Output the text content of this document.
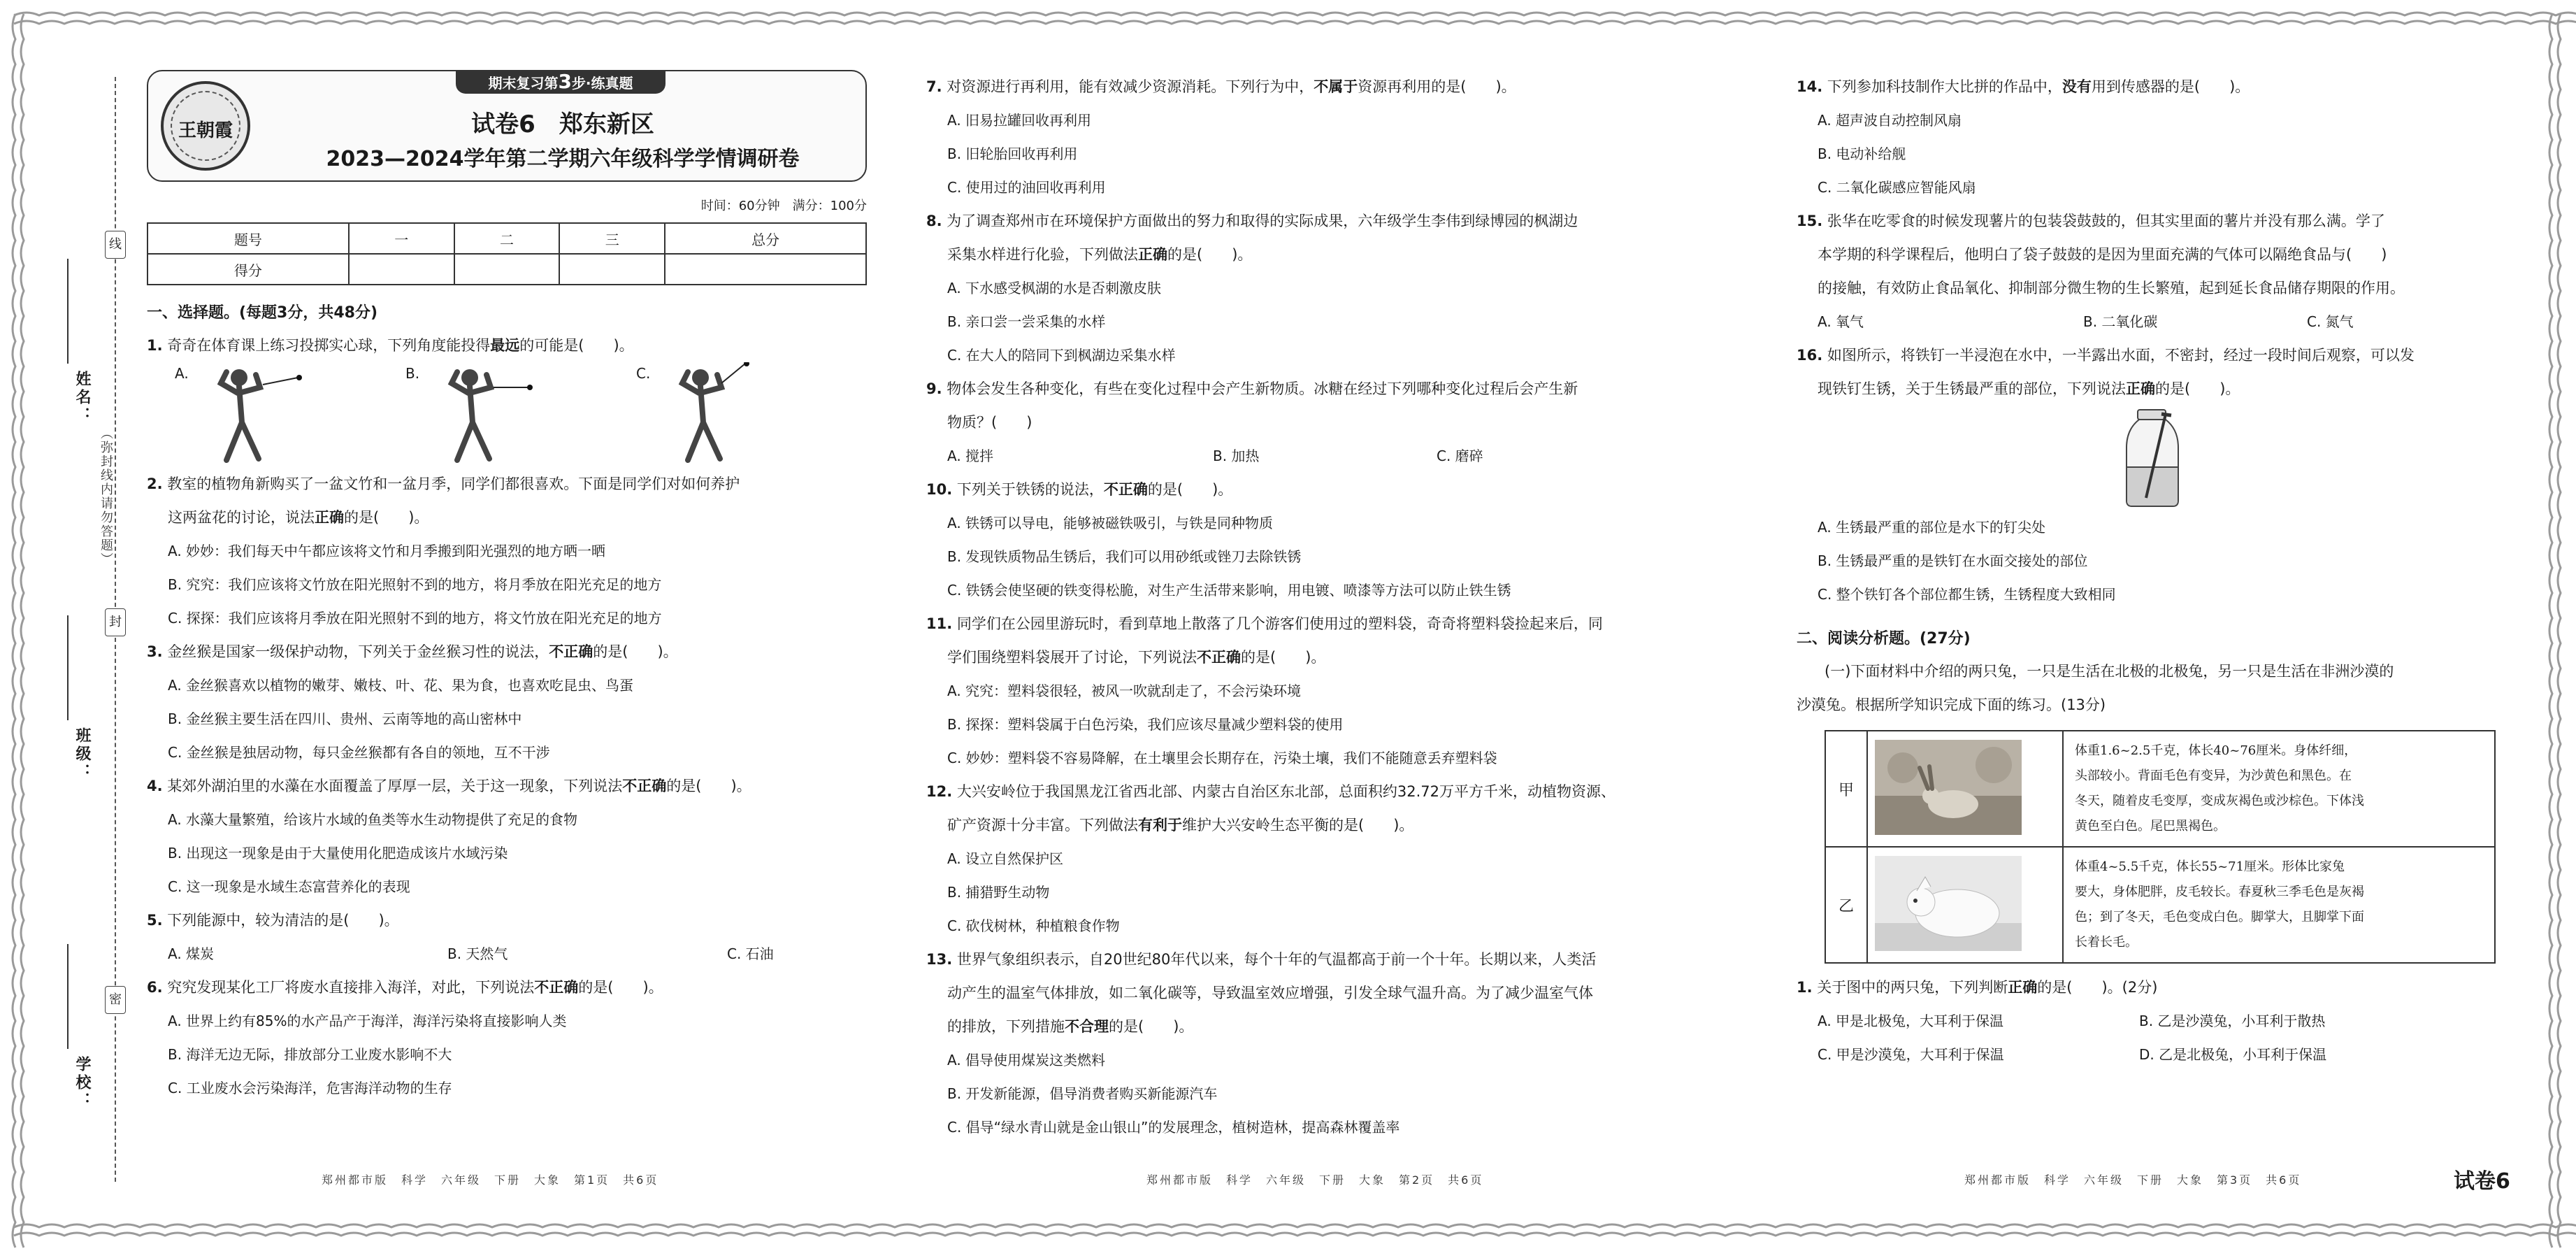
线
封
密
姓名：
（弥封线内请勿答题）
班级：
学校：
王朝霞
期末复习第3步·练真题
试卷6　郑东新区
2023—2024学年第二学期六年级科学学情调研卷
时间：60分钟　满分：100分
题号	一	二	三	总分
得分				
一、选择题。(每题3分，共48分)
1. 奇奇在体育课上练习投掷实心球，下列角度能投得最远的可能是(　　)。
A.	B.	C.
2. 教室的植物角新购买了一盆文竹和一盆月季，同学们都很喜欢。下面是同学们对如何养护
这两盆花的讨论，说法正确的是(　　)。
A. 妙妙：我们每天中午都应该将文竹和月季搬到阳光强烈的地方晒一晒
B. 究究：我们应该将文竹放在阳光照射不到的地方，将月季放在阳光充足的地方
C. 探探：我们应该将月季放在阳光照射不到的地方，将文竹放在阳光充足的地方
3. 金丝猴是国家一级保护动物，下列关于金丝猴习性的说法，不正确的是(　　)。
A. 金丝猴喜欢以植物的嫩芽、嫩枝、叶、花、果为食，也喜欢吃昆虫、鸟蛋
B. 金丝猴主要生活在四川、贵州、云南等地的高山密林中
C. 金丝猴是独居动物，每只金丝猴都有各自的领地，互不干涉
4. 某郊外湖泊里的水藻在水面覆盖了厚厚一层，关于这一现象，下列说法不正确的是(　　)。
A. 水藻大量繁殖，给该片水域的鱼类等水生动物提供了充足的食物
B. 出现这一现象是由于大量使用化肥造成该片水域污染
C. 这一现象是水域生态富营养化的表现
5. 下列能源中，较为清洁的是(　　)。
A. 煤炭	B. 天然气	C. 石油
6. 究究发现某化工厂将废水直接排入海洋，对此，下列说法不正确的是(　　)。
A. 世界上约有85%的水产品产于海洋，海洋污染将直接影响人类
B. 海洋无边无际，排放部分工业废水影响不大
C. 工业废水会污染海洋，危害海洋动物的生存
7. 对资源进行再利用，能有效减少资源消耗。下列行为中，不属于资源再利用的是(　　)。
A. 旧易拉罐回收再利用
B. 旧轮胎回收再利用
C. 使用过的油回收再利用
8. 为了调查郑州市在环境保护方面做出的努力和取得的实际成果，六年级学生李伟到绿博园的枫湖边
采集水样进行化验，下列做法正确的是(　　)。
A. 下水感受枫湖的水是否刺激皮肤
B. 亲口尝一尝采集的水样
C. 在大人的陪同下到枫湖边采集水样
9. 物体会发生各种变化，有些在变化过程中会产生新物质。冰糖在经过下列哪种变化过程后会产生新
物质？(　　)
A. 搅拌	B. 加热	C. 磨碎
10. 下列关于铁锈的说法，不正确的是(　　)。
A. 铁锈可以导电，能够被磁铁吸引，与铁是同种物质
B. 发现铁质物品生锈后，我们可以用砂纸或锉刀去除铁锈
C. 铁锈会使坚硬的铁变得松脆，对生产生活带来影响，用电镀、喷漆等方法可以防止铁生锈
11. 同学们在公园里游玩时，看到草地上散落了几个游客们使用过的塑料袋，奇奇将塑料袋捡起来后，同
学们围绕塑料袋展开了讨论，下列说法不正确的是(　　)。
A. 究究：塑料袋很轻，被风一吹就刮走了，不会污染环境
B. 探探：塑料袋属于白色污染，我们应该尽量减少塑料袋的使用
C. 妙妙：塑料袋不容易降解，在土壤里会长期存在，污染土壤，我们不能随意丢弃塑料袋
12. 大兴安岭位于我国黑龙江省西北部、内蒙古自治区东北部，总面积约32.72万平方千米，动植物资源、
矿产资源十分丰富。下列做法有利于维护大兴安岭生态平衡的是(　　)。
A. 设立自然保护区
B. 捕猎野生动物
C. 砍伐树林，种植粮食作物
13. 世界气象组织表示，自20世纪80年代以来，每个十年的气温都高于前一个十年。长期以来，人类活
动产生的温室气体排放，如二氧化碳等，导致温室效应增强，引发全球气温升高。为了减少温室气体
的排放，下列措施不合理的是(　　)。
A. 倡导使用煤炭这类燃料
B. 开发新能源，倡导消费者购买新能源汽车
C. 倡导“绿水青山就是金山银山”的发展理念，植树造林，提高森林覆盖率
14. 下列参加科技制作大比拼的作品中，没有用到传感器的是(　　)。
A. 超声波自动控制风扇
B. 电动补给舰
C. 二氧化碳感应智能风扇
15. 张华在吃零食的时候发现薯片的包装袋鼓鼓的，但其实里面的薯片并没有那么满。学了
本学期的科学课程后，他明白了袋子鼓鼓的是因为里面充满的气体可以隔绝食品与(　　)
的接触，有效防止食品氧化、抑制部分微生物的生长繁殖，起到延长食品储存期限的作用。
A. 氧气	B. 二氧化碳	C. 氮气
16. 如图所示，将铁钉一半浸泡在水中，一半露出水面，不密封，经过一段时间后观察，可以发
现铁钉生锈，关于生锈最严重的部位，下列说法正确的是(　　)。
A. 生锈最严重的部位是水下的钉尖处
B. 生锈最严重的是铁钉在水面交接处的部位
C. 整个铁钉各个部位都生锈，生锈程度大致相同
二、阅读分析题。(27分)
(一)下面材料中介绍的两只兔，一只是生活在北极的北极兔，另一只是生活在非洲沙漠的
沙漠兔。根据所学知识完成下面的练习。(13分)
甲		体重1.6~2.5千克，体长40~76厘米。身体纤细，
头部较小。背面毛色有变异，为沙黄色和黑色。在
冬天，随着皮毛变厚，变成灰褐色或沙棕色。下体浅
黄色至白色。尾巴黑褐色。

乙		体重4~5.5千克，体长55~71厘米。形体比家兔
要大，身体肥胖，皮毛较长。春夏秋三季毛色是灰褐
色；到了冬天，毛色变成白色。脚掌大，且脚掌下面
长着长毛。
1. 关于图中的两只兔，下列判断正确的是(　　)。(2分)
A. 甲是北极兔，大耳利于保温	B. 乙是沙漠兔，小耳利于散热
C. 甲是沙漠兔，大耳利于保温	D. 乙是北极兔，小耳利于保温
郑州都市版　科学　六年级　下册　大象　第1页　共6页	郑州都市版　科学　六年级　下册　大象　第2页　共6页	郑州都市版　科学　六年级　下册　大象　第3页　共6页	试卷6
